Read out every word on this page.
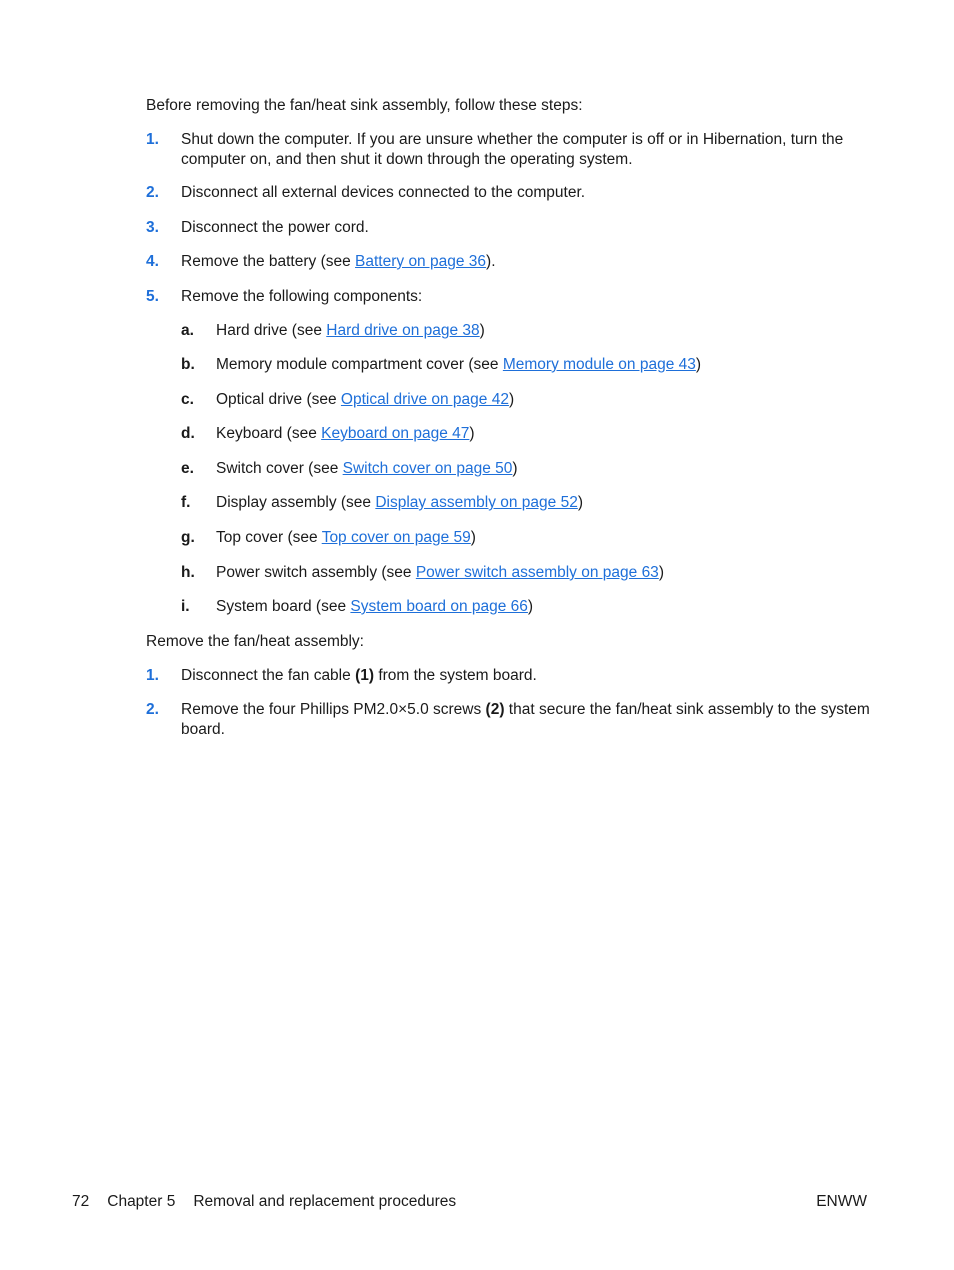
Before removing the fan/heat sink assembly, follow these steps:
1. Shut down the computer. If you are unsure whether the computer is off or in Hibernation, turn the computer on, and then shut it down through the operating system.
2. Disconnect all external devices connected to the computer.
3. Disconnect the power cord.
4. Remove the battery (see Battery on page 36).
5. Remove the following components:
a. Hard drive (see Hard drive on page 38)
b. Memory module compartment cover (see Memory module on page 43)
c. Optical drive (see Optical drive on page 42)
d. Keyboard (see Keyboard on page 47)
e. Switch cover (see Switch cover on page 50)
f. Display assembly (see Display assembly on page 52)
g. Top cover (see Top cover on page 59)
h. Power switch assembly (see Power switch assembly on page 63)
i. System board (see System board on page 66)
Remove the fan/heat assembly:
1. Disconnect the fan cable (1) from the system board.
2. Remove the four Phillips PM2.0×5.0 screws (2) that secure the fan/heat sink assembly to the system board.
72 Chapter 5 Removal and replacement procedures	ENWW
